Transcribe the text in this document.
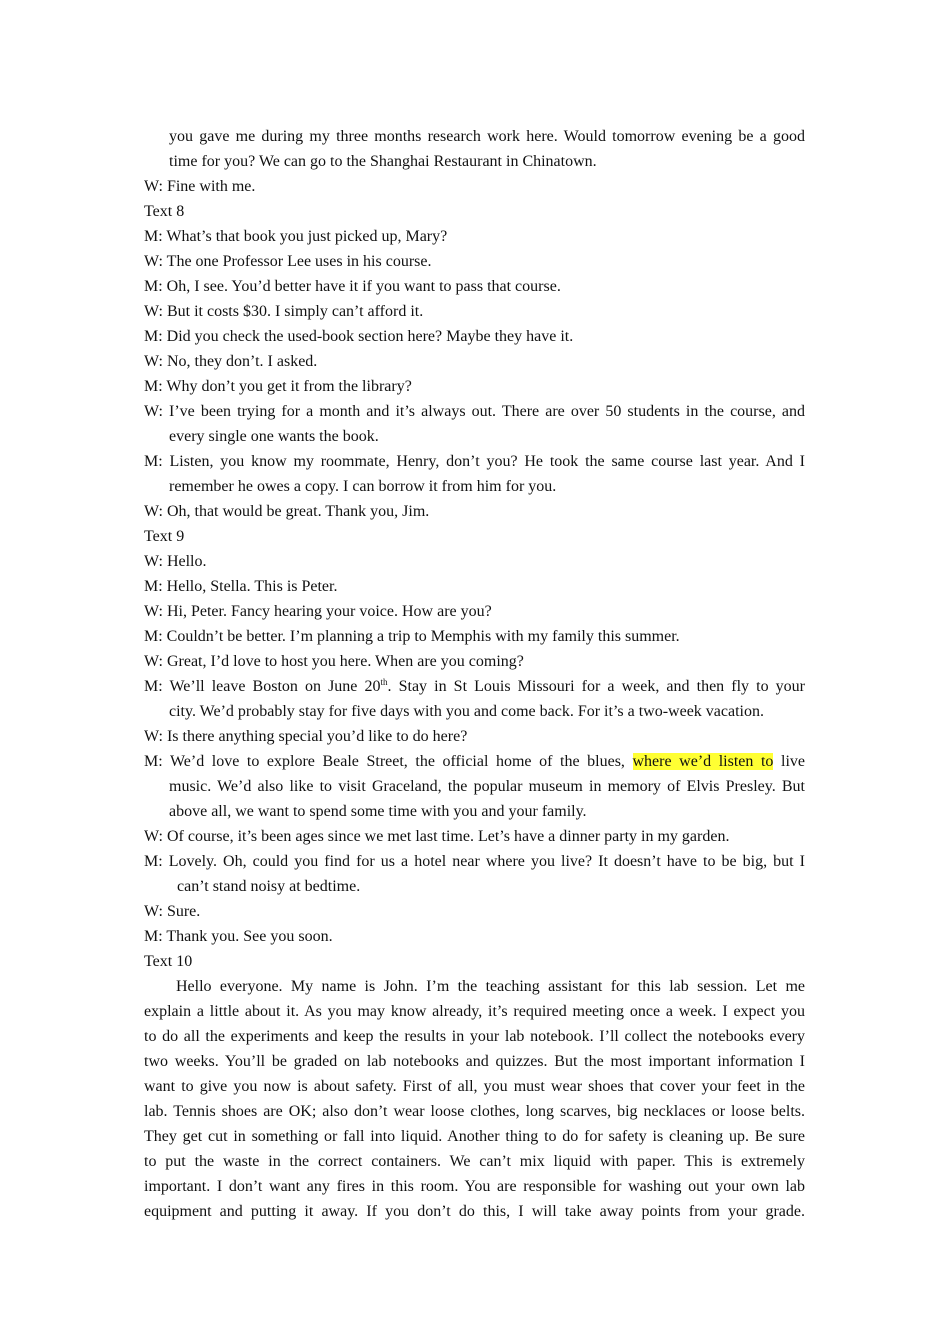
you gave me during my three months research work here. Would tomorrow evening be a good
time for you? We can go to the Shanghai Restaurant in Chinatown.
W: Fine with me.
Text 8
M: What’s that book you just picked up, Mary?
W: The one Professor Lee uses in his course.
M: Oh, I see. You’d better have it if you want to pass that course.
W: But it costs $30. I simply can’t afford it.
M: Did you check the used-book section here? Maybe they have it.
W: No, they don’t. I asked.
M: Why don’t you get it from the library?
W: I’ve been trying for a month and it’s always out. There are over 50 students in the course, and
every single one wants the book.
M: Listen, you know my roommate, Henry, don’t you? He took the same course last year. And I
remember he owes a copy. I can borrow it from him for you.
W: Oh, that would be great. Thank you, Jim.
Text 9
W: Hello.
M: Hello, Stella. This is Peter.
W: Hi, Peter. Fancy hearing your voice. How are you?
M: Couldn’t be better. I’m planning a trip to Memphis with my family this summer.
W: Great, I’d love to host you here. When are you coming?
M: We’ll leave Boston on June 20th. Stay in St Louis Missouri for a week, and then fly to your
city. We’d probably stay for five days with you and come back. For it’s a two-week vacation.
W: Is there anything special you’d like to do here?
M: We’d love to explore Beale Street, the official home of the blues, where we’d listen to live
music. We’d also like to visit Graceland, the popular museum in memory of Elvis Presley. But
above all, we want to spend some time with you and your family.
W: Of course, it’s been ages since we met last time. Let’s have a dinner party in my garden.
M: Lovely. Oh, could you find for us a hotel near where you live? It doesn’t have to be big, but I
can’t stand noisy at bedtime.
W: Sure.
M: Thank you. See you soon.
Text 10
Hello everyone. My name is John. I’m the teaching assistant for this lab session. Let me
explain a little about it. As you may know already, it’s required meeting once a week. I expect you
to do all the experiments and keep the results in your lab notebook. I’ll collect the notebooks every
two weeks. You’ll be graded on lab notebooks and quizzes. But the most important information I
want to give you now is about safety. First of all, you must wear shoes that cover your feet in the
lab. Tennis shoes are OK; also don’t wear loose clothes, long scarves, big necklaces or loose belts.
They get cut in something or fall into liquid. Another thing to do for safety is cleaning up. Be sure
to put the waste in the correct containers. We can’t mix liquid with paper. This is extremely
important. I don’t want any fires in this room. You are responsible for washing out your own lab
equipment and putting it away. If you don’t do this, I will take away points from your grade.
